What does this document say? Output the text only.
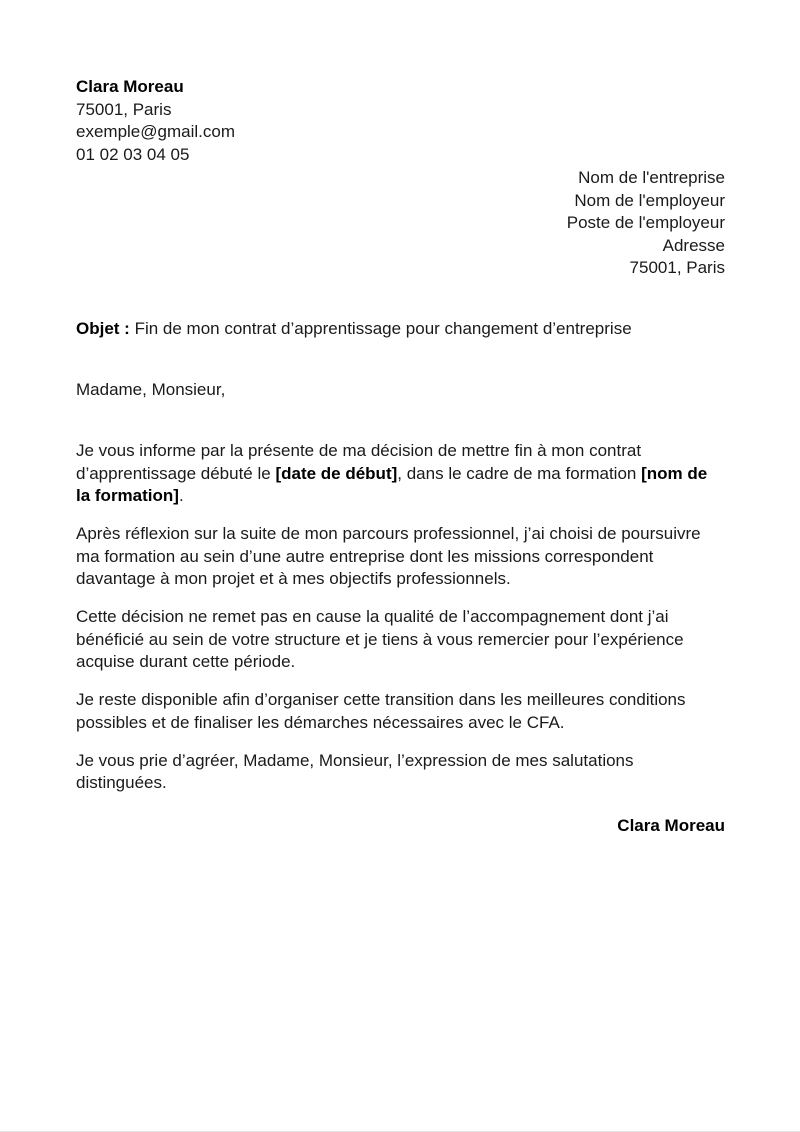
Clara Moreau
75001, Paris
exemple@gmail.com
01 02 03 04 05
Nom de l'entreprise
Nom de l'employeur
Poste de l'employeur
Adresse
75001, Paris
Objet : Fin de mon contrat d’apprentissage pour changement d’entreprise
Madame, Monsieur,

Je vous informe par la présente de ma décision de mettre fin à mon contrat d’apprentissage débuté le [date de début], dans le cadre de ma formation [nom de la formation].

Après réflexion sur la suite de mon parcours professionnel, j’ai choisi de poursuivre ma formation au sein d’une autre entreprise dont les missions correspondent davantage à mon projet et à mes objectifs professionnels.

Cette décision ne remet pas en cause la qualité de l’accompagnement dont j’ai bénéficié au sein de votre structure et je tiens à vous remercier pour l’expérience acquise durant cette période.

Je reste disponible afin d’organiser cette transition dans les meilleures conditions possibles et de finaliser les démarches nécessaires avec le CFA.

Je vous prie d’agréer, Madame, Monsieur, l’expression de mes salutations distinguées.

Clara Moreau
